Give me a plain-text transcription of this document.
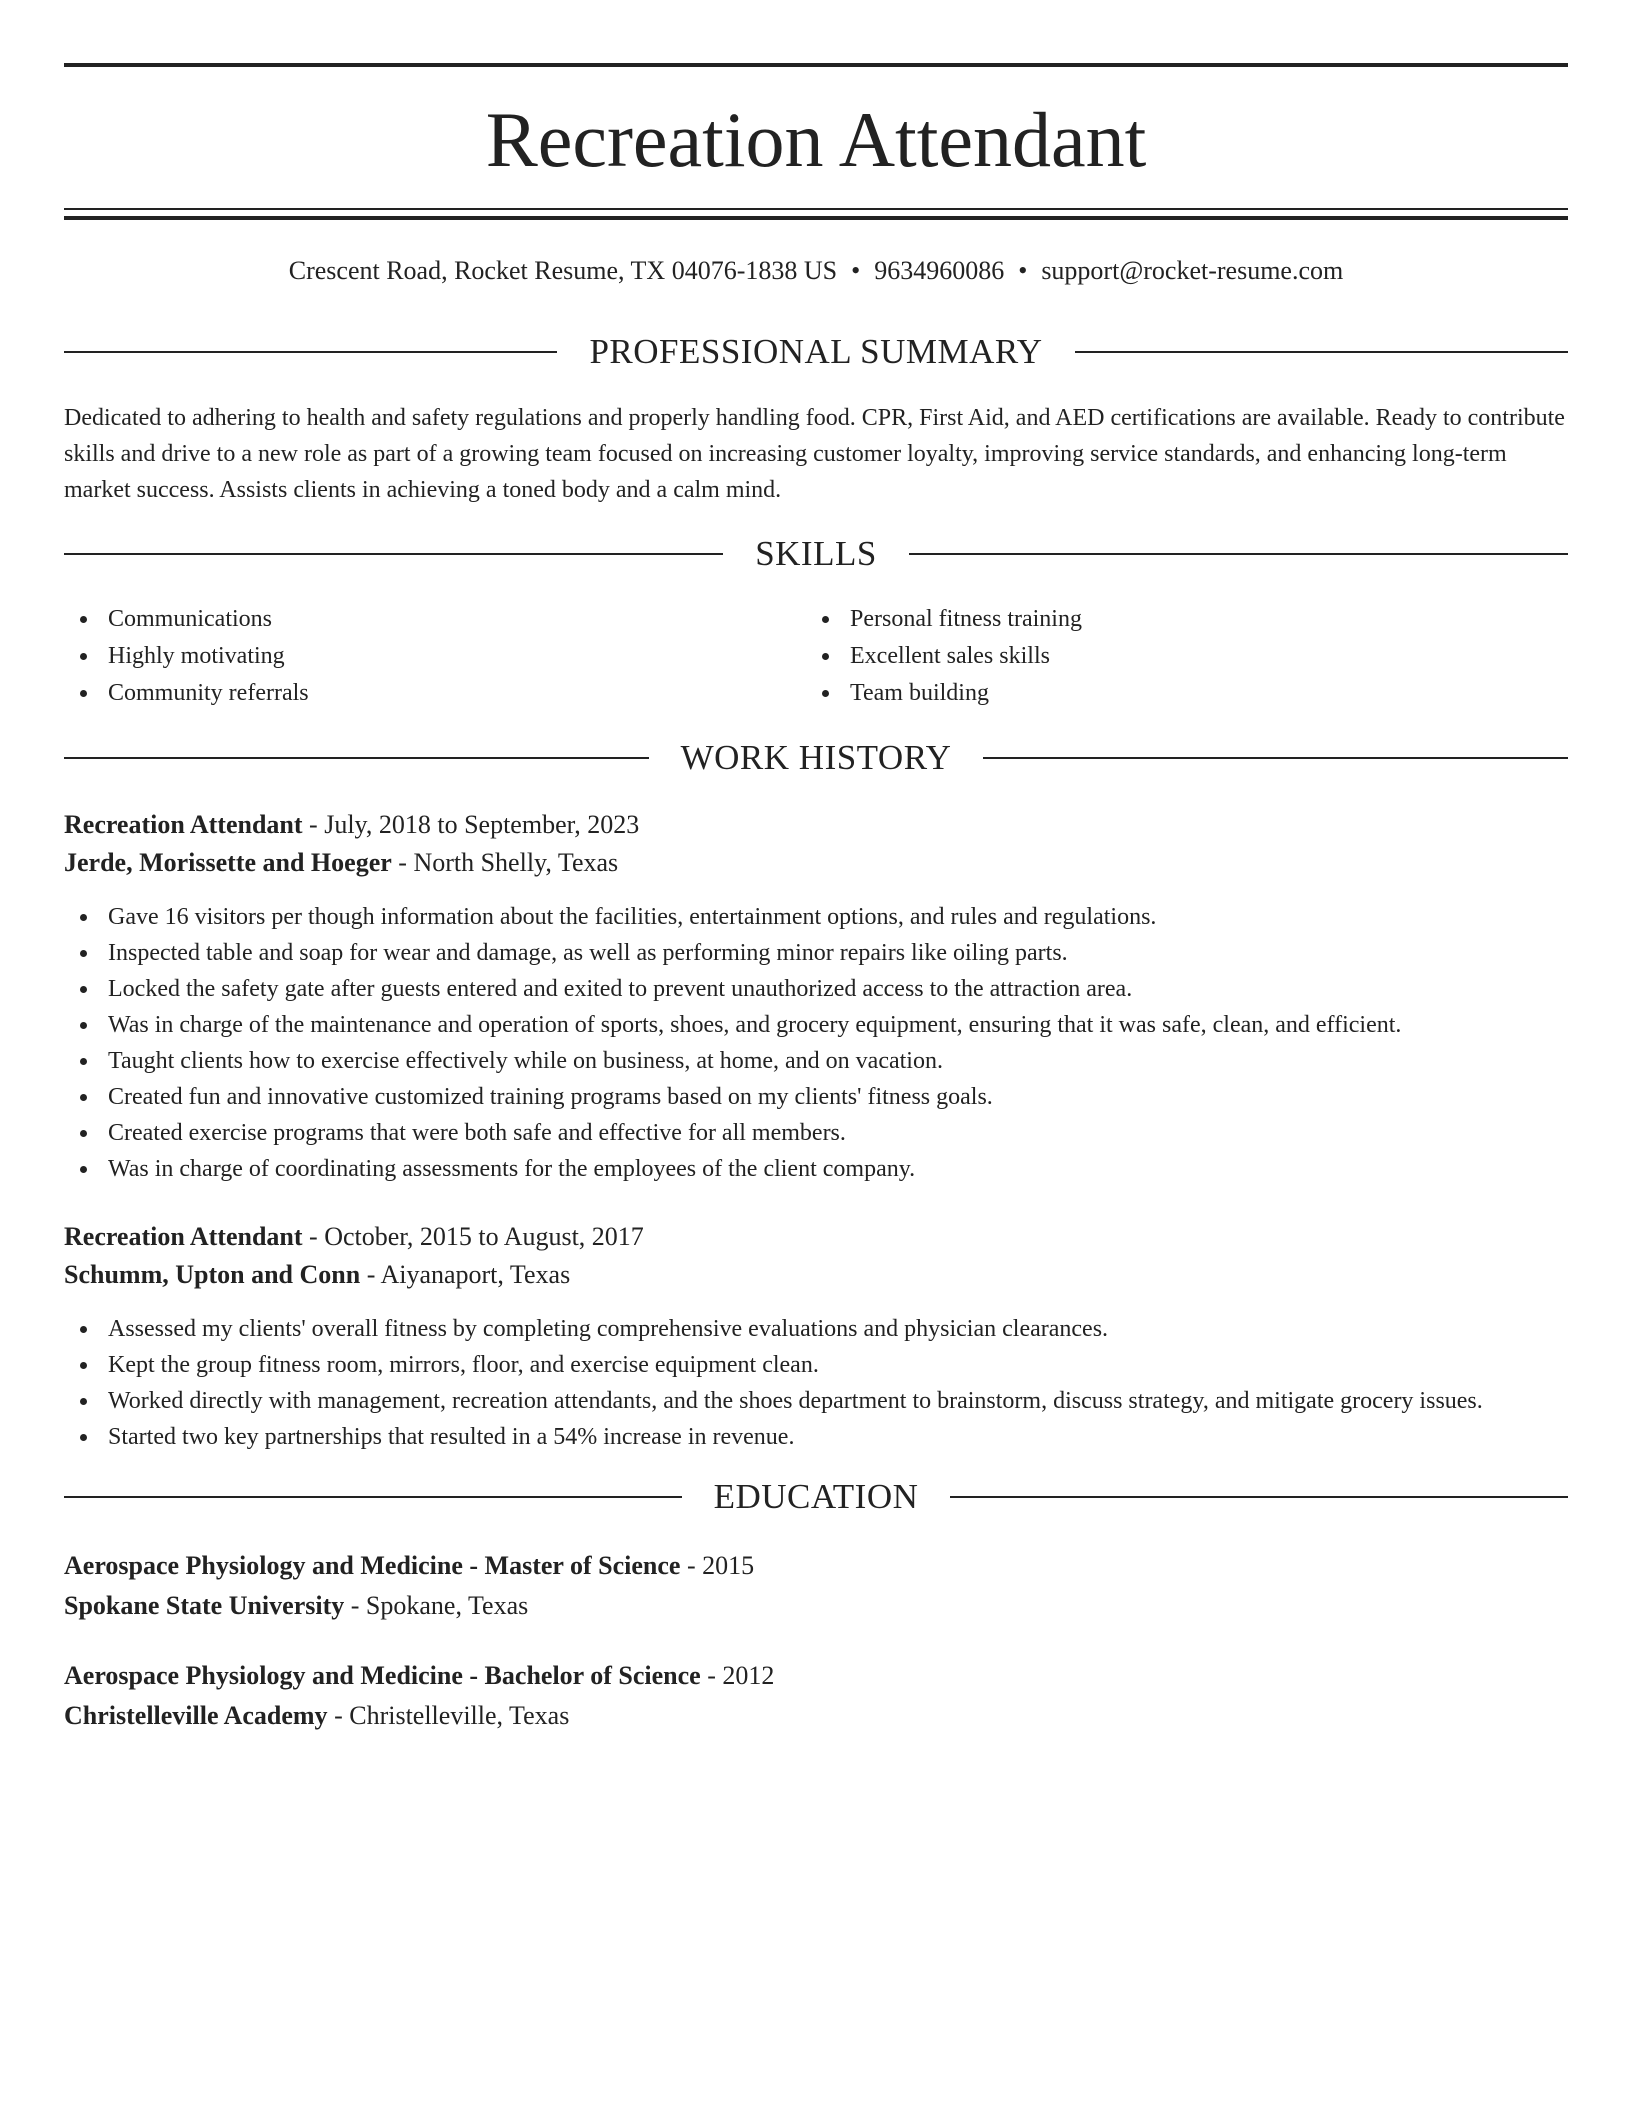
Recreation Attendant
Crescent Road, Rocket Resume, TX 04076-1838 US • 9634960086 • support@rocket-resume.com
PROFESSIONAL SUMMARY

Dedicated to adhering to health and safety regulations and properly handling food. CPR, First Aid, and AED certifications are available. Ready to contribute skills and drive to a new role as part of a growing team focused on increasing customer loyalty, improving service standards, and enhancing long-term market success. Assists clients in achieving a toned body and a calm mind.

SKILLS
Communications
Highly motivating
Community referrals
Personal fitness training
Excellent sales skills
Team building
WORK HISTORY
Recreation Attendant - July, 2018 to September, 2023
Jerde, Morissette and Hoeger - North Shelly, Texas
Gave 16 visitors per though information about the facilities, entertainment options, and rules and regulations.
Inspected table and soap for wear and damage, as well as performing minor repairs like oiling parts.
Locked the safety gate after guests entered and exited to prevent unauthorized access to the attraction area.
Was in charge of the maintenance and operation of sports, shoes, and grocery equipment, ensuring that it was safe, clean, and efficient.
Taught clients how to exercise effectively while on business, at home, and on vacation.
Created fun and innovative customized training programs based on my clients' fitness goals.
Created exercise programs that were both safe and effective for all members.
Was in charge of coordinating assessments for the employees of the client company.
Recreation Attendant - October, 2015 to August, 2017
Schumm, Upton and Conn - Aiyanaport, Texas
Assessed my clients' overall fitness by completing comprehensive evaluations and physician clearances.
Kept the group fitness room, mirrors, floor, and exercise equipment clean.
Worked directly with management, recreation attendants, and the shoes department to brainstorm, discuss strategy, and mitigate grocery issues.
Started two key partnerships that resulted in a 54% increase in revenue.
EDUCATION
Aerospace Physiology and Medicine - Master of Science - 2015
Spokane State University - Spokane, Texas
Aerospace Physiology and Medicine - Bachelor of Science - 2012
Christelleville Academy - Christelleville, Texas
